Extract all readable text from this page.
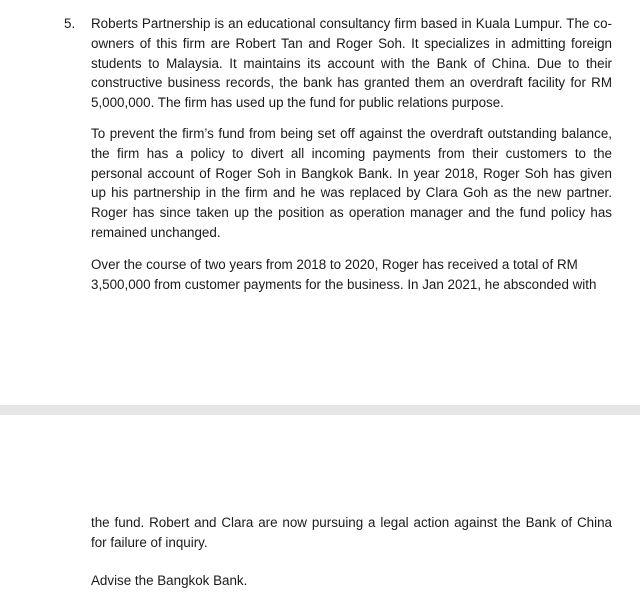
5. Roberts Partnership is an educational consultancy firm based in Kuala Lumpur. The co-owners of this firm are Robert Tan and Roger Soh. It specializes in admitting foreign students to Malaysia. It maintains its account with the Bank of China. Due to their constructive business records, the bank has granted them an overdraft facility for RM 5,000,000. The firm has used up the fund for public relations purpose.

To prevent the firm’s fund from being set off against the overdraft outstanding balance, the firm has a policy to divert all incoming payments from their customers to the personal account of Roger Soh in Bangkok Bank. In year 2018, Roger Soh has given up his partnership in the firm and he was replaced by Clara Goh as the new partner. Roger has since taken up the position as operation manager and the fund policy has remained unchanged.

Over the course of two years from 2018 to 2020, Roger has received a total of RM 3,500,000 from customer payments for the business. In Jan 2021, he absconded with

the fund. Robert and Clara are now pursuing a legal action against the Bank of China for failure of inquiry.

Advise the Bangkok Bank.
